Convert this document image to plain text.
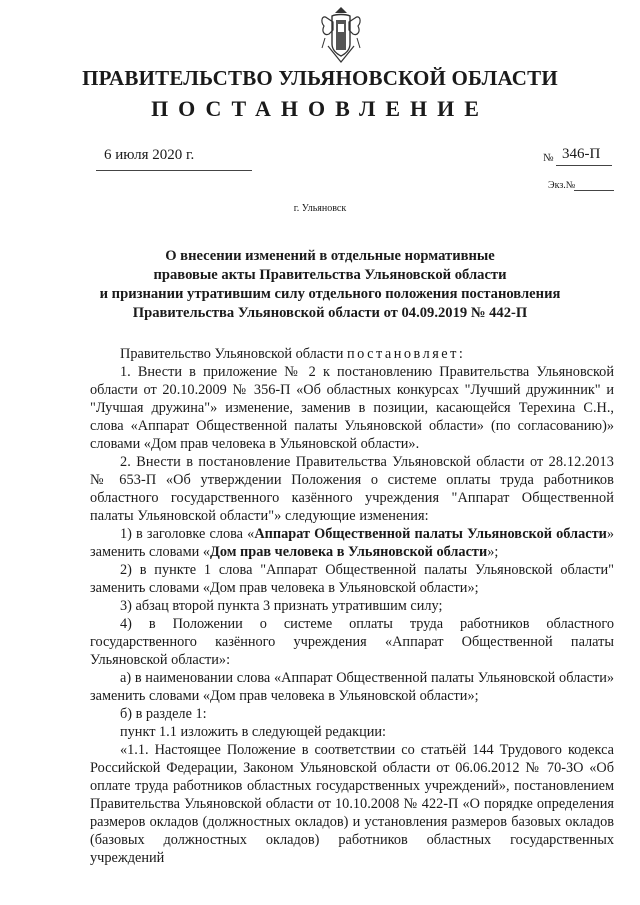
ПРАВИТЕЛЬСТВО УЛЬЯНОВСКОЙ ОБЛАСТИ
ПОСТАНОВЛЕНИЕ
6 июля 2020 г.	№ 346-П
Экз.№
г. Ульяновск
О внесении изменений в отдельные нормативные
правовые акты Правительства Ульяновской области
и признании утратившим силу отдельного положения постановления
Правительства Ульяновской области от 04.09.2019 № 442-П

Правительство Ульяновской области постановляет:

1. Внести в приложение № 2 к постановлению Правительства Ульяновской области от 20.10.2009 № 356-П «Об областных конкурсах "Лучший дружинник" и "Лучшая дружина"» изменение, заменив в позиции, касающейся Терехина С.Н., слова «Аппарат Общественной палаты Ульяновской области» (по согласованию)» словами «Дом прав человека в Ульяновской области».

2. Внести в постановление Правительства Ульяновской области от 28.12.2013 № 653-П «Об утверждении Положения о системе оплаты труда работников областного государственного казённого учреждения "Аппарат Общественной палаты Ульяновской области"» следующие изменения:

1) в заголовке слова «Аппарат Общественной палаты Ульяновской области» заменить словами «Дом прав человека в Ульяновской области»;

2) в пункте 1 слова "Аппарат Общественной палаты Ульяновской области" заменить словами «Дом прав человека в Ульяновской области»;

3) абзац второй пункта 3 признать утратившим силу;

4) в Положении о системе оплаты труда работников областного государственного казённого учреждения «Аппарат Общественной палаты Ульяновской области»:

а) в наименовании слова «Аппарат Общественной палаты Ульяновской области» заменить словами «Дом прав человека в Ульяновской области»;

б) в разделе 1:

пункт 1.1 изложить в следующей редакции:

«1.1. Настоящее Положение в соответствии со статьёй 144 Трудового кодекса Российской Федерации, Законом Ульяновской области от 06.06.2012 № 70-ЗО «Об оплате труда работников областных государственных учреждений», постановлением Правительства Ульяновской области от 10.10.2008 № 422-П «О порядке определения размеров окладов (должностных окладов) и установления размеров базовых окладов (базовых должностных окладов) работников областных государственных учреждений
